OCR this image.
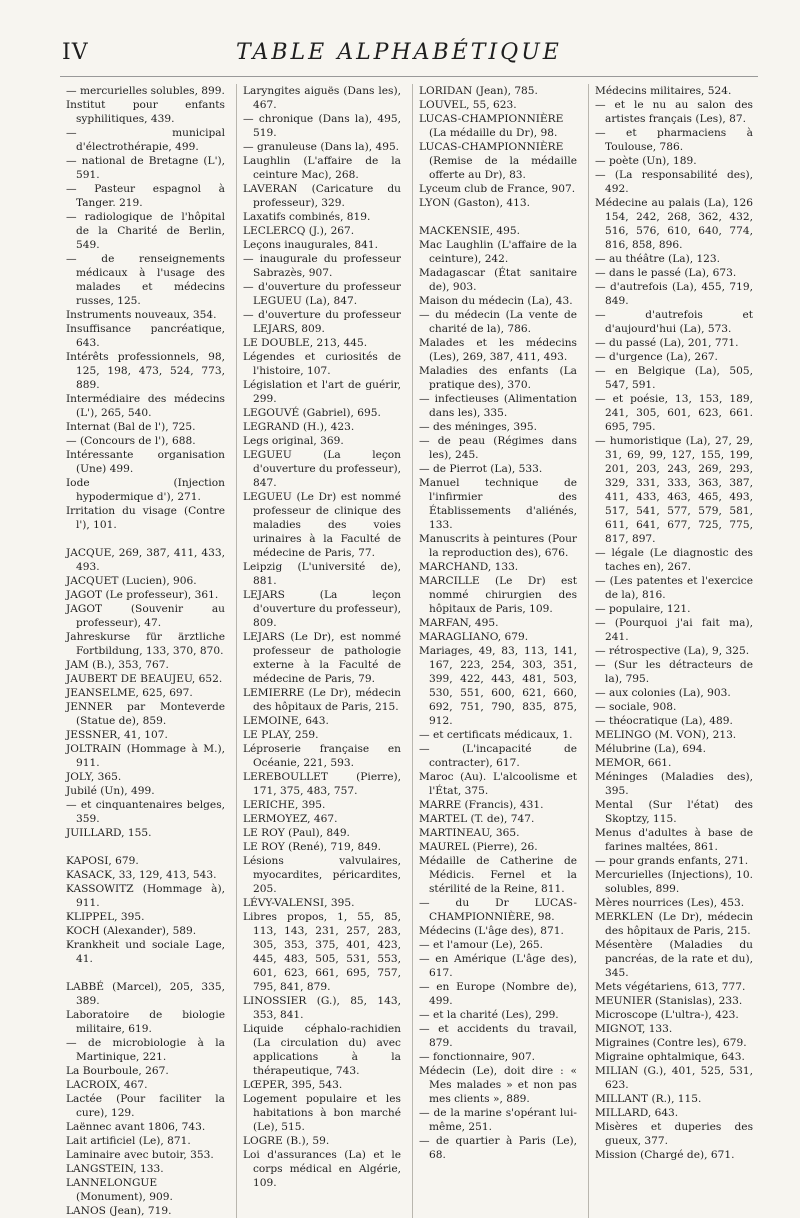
IV	TABLE ALPHABÉTIQUE

— mercurielles solubles, 899.

Institut pour enfants syphilitiques, 439.

— municipal d'électrothérapie, 499.

— national de Bretagne (L'), 591.

— Pasteur espagnol à Tanger. 219.

— radiologique de l'hôpital de la Charité de Berlin, 549.

— de renseignements médicaux à l'usage des malades et médecins russes, 125.

Instruments nouveaux, 354.

Insuffisance pancréatique, 643.

Intérêts professionnels, 98, 125, 198, 473, 524, 773, 889.

Intermédiaire des médecins (L'), 265, 540.

Internat (Bal de l'), 725.

— (Concours de l'), 688.

Intéressante organisation (Une) 499.

Iode (Injection hypodermique d'), 271.

Irritation du visage (Contre l'), 101.

JACQUE, 269, 387, 411, 433, 493.

JACQUET (Lucien), 906.

JAGOT (Le professeur), 361.

JAGOT (Souvenir au professeur), 47.

Jahreskurse für ärztliche Fortbildung, 133, 370, 870.

JAM (B.), 353, 767.

JAUBERT DE BEAUJEU, 652.

JEANSELME, 625, 697.

JENNER par Monteverde (Statue de), 859.

JESSNER, 41, 107.

JOLTRAIN (Hommage à M.), 911.

JOLY, 365.

Jubilé (Un), 499.

— et cinquantenaires belges, 359.

JUILLARD, 155.

KAPOSI, 679.

KASACK, 33, 129, 413, 543.

KASSOWITZ (Hommage à), 911.

KLIPPEL, 395.

KOCH (Alexander), 589.

Krankheit und sociale Lage, 41.

LABBÉ (Marcel), 205, 335, 389.

Laboratoire de biologie militaire, 619.

— de microbiologie à la Martinique, 221.

La Bourboule, 267.

LACROIX, 467.

Lactée (Pour faciliter la cure), 129.

Laënnec avant 1806, 743.

Lait artificiel (Le), 871.

Laminaire avec butoir, 353.

LANGSTEIN, 133.

LANNELONGUE (Monument), 909.

LANOS (Jean), 719.

Laryngites aiguës (Dans les), 467.

— chronique (Dans la), 495, 519.

— granuleuse (Dans la), 495.

Laughlin (L'affaire de la ceinture Mac), 268.

LAVERAN (Caricature du professeur), 329.

Laxatifs combinés, 819.

LECLERCQ (J.), 267.

Leçons inaugurales, 841.

— inaugurale du professeur Sabrazès, 907.

— d'ouverture du professeur LEGUEU (La), 847.

— d'ouverture du professeur LEJARS, 809.

LE DOUBLE, 213, 445.

Légendes et curiosités de l'histoire, 107.

Législation et l'art de guérir, 299.

LEGOUVÉ (Gabriel), 695.

LEGRAND (H.), 423.

Legs original, 369.

LEGUEU (La leçon d'ouverture du professeur), 847.

LEGUEU (Le Dr) est nommé professeur de clinique des maladies des voies urinaires à la Faculté de médecine de Paris, 77.

Leipzig (L'université de), 881.

LEJARS (La leçon d'ouverture du professeur), 809.

LEJARS (Le Dr), est nommé professeur de pathologie externe à la Faculté de médecine de Paris, 79.

LEMIERRE (Le Dr), médecin des hôpitaux de Paris, 215.

LEMOINE, 643.

LE PLAY, 259.

Léproserie française en Océanie, 221, 593.

LEREBOULLET (Pierre), 171, 375, 483, 757.

LERICHE, 395.

LERMOYEZ, 467.

LE ROY (Paul), 849.

LE ROY (René), 719, 849.

Lésions valvulaires, myocardites, péricardites, 205.

LÉVY-VALENSI, 395.

Libres propos, 1, 55, 85, 113, 143, 231, 257, 283, 305, 353, 375, 401, 423, 445, 483, 505, 531, 553, 601, 623, 661, 695, 757, 795, 841, 879.

LINOSSIER (G.), 85, 143, 353, 841.

Liquide céphalo-rachidien (La circulation du) avec applications à la thérapeutique, 743.

LŒPER, 395, 543.

Logement populaire et les habitations à bon marché (Le), 515.

LOGRE (B.), 59.

Loi d'assurances (La) et le corps médical en Algérie, 109.

LORIDAN (Jean), 785.

LOUVEL, 55, 623.

LUCAS-CHAMPIONNIÈRE (La médaille du Dr), 98.

LUCAS-CHAMPIONNIÈRE (Remise de la médaille offerte au Dr), 83.

Lyceum club de France, 907.

LYON (Gaston), 413.

MACKENSIE, 495.

Mac Laughlin (L'affaire de la ceinture), 242.

Madagascar (État sanitaire de), 903.

Maison du médecin (La), 43.

— du médecin (La vente de charité de la), 786.

Malades et les médecins (Les), 269, 387, 411, 493.

Maladies des enfants (La pratique des), 370.

— infectieuses (Alimentation dans les), 335.

— des méninges, 395.

— de peau (Régimes dans les), 245.

— de Pierrot (La), 533.

Manuel technique de l'infirmier des Établissements d'aliénés, 133.

Manuscrits à peintures (Pour la reproduction des), 676.

MARCHAND, 133.

MARCILLE (Le Dr) est nommé chirurgien des hôpitaux de Paris, 109.

MARFAN, 495.

MARAGLIANO, 679.

Mariages, 49, 83, 113, 141, 167, 223, 254, 303, 351, 399, 422, 443, 481, 503, 530, 551, 600, 621, 660, 692, 751, 790, 835, 875, 912.

— et certificats médicaux, 1.

— (L'incapacité de contracter), 617.

Maroc (Au). L'alcoolisme et l'État, 375.

MARRE (Francis), 431.

MARTEL (T. de), 747.

MARTINEAU, 365.

MAUREL (Pierre), 26.

Médaille de Catherine de Médicis. Fernel et la stérilité de la Reine, 811.

— du Dr LUCAS-CHAMPIONNIÈRE, 98.

Médecins (L'âge des), 871.

— et l'amour (Le), 265.

— en Amérique (L'âge des), 617.

— en Europe (Nombre de), 499.

— et la charité (Les), 299.

— et accidents du travail, 879.

— fonctionnaire, 907.

Médecin (Le), doit dire : « Mes malades » et non pas mes clients », 889.

— de la marine s'opérant lui-même, 251.

— de quartier à Paris (Le), 68.

Médecins militaires, 524.

— et le nu au salon des artistes français (Les), 87.

— et pharmaciens à Toulouse, 786.

— poète (Un), 189.

— (La responsabilité des), 492.

Médecine au palais (La), 126 154, 242, 268, 362, 432, 516, 576, 610, 640, 774, 816, 858, 896.

— au théâtre (La), 123.

— dans le passé (La), 673.

— d'autrefois (La), 455, 719, 849.

— d'autrefois et d'aujourd'hui (La), 573.

— du passé (La), 201, 771.

— d'urgence (La), 267.

— en Belgique (La), 505, 547, 591.

— et poésie, 13, 153, 189, 241, 305, 601, 623, 661. 695, 795.

— humoristique (La), 27, 29, 31, 69, 99, 127, 155, 199, 201, 203, 243, 269, 293, 329, 331, 333, 363, 387, 411, 433, 463, 465, 493, 517, 541, 577, 579, 581, 611, 641, 677, 725, 775, 817, 897.

— légale (Le diagnostic des taches en), 267.

— (Les patentes et l'exercice de la), 816.

— populaire, 121.

— (Pourquoi j'ai fait ma), 241.

— rétrospective (La), 9, 325.

— (Sur les détracteurs de la), 795.

— aux colonies (La), 903.

— sociale, 908.

— théocratique (La), 489.

MELINGO (M. VON), 213.

Mélubrine (La), 694.

MEMOR, 661.

Méninges (Maladies des), 395.

Mental (Sur l'état) des Skoptzy, 115.

Menus d'adultes à base de farines maltées, 861.

— pour grands enfants, 271.

Mercurielles (Injections), 10. solubles, 899.

Mères nourrices (Les), 453.

MERKLEN (Le Dr), médecin des hôpitaux de Paris, 215.

Mésentère (Maladies du pancréas, de la rate et du), 345.

Mets végétariens, 613, 777.

MEUNIER (Stanislas), 233.

Microscope (L'ultra-), 423.

MIGNOT, 133.

Migraines (Contre les), 679.

Migraine ophtalmique, 643.

MILIAN (G.), 401, 525, 531, 623.

MILLANT (R.), 115.

MILLARD, 643.

Misères et duperies des gueux, 377.

Mission (Chargé de), 671.
